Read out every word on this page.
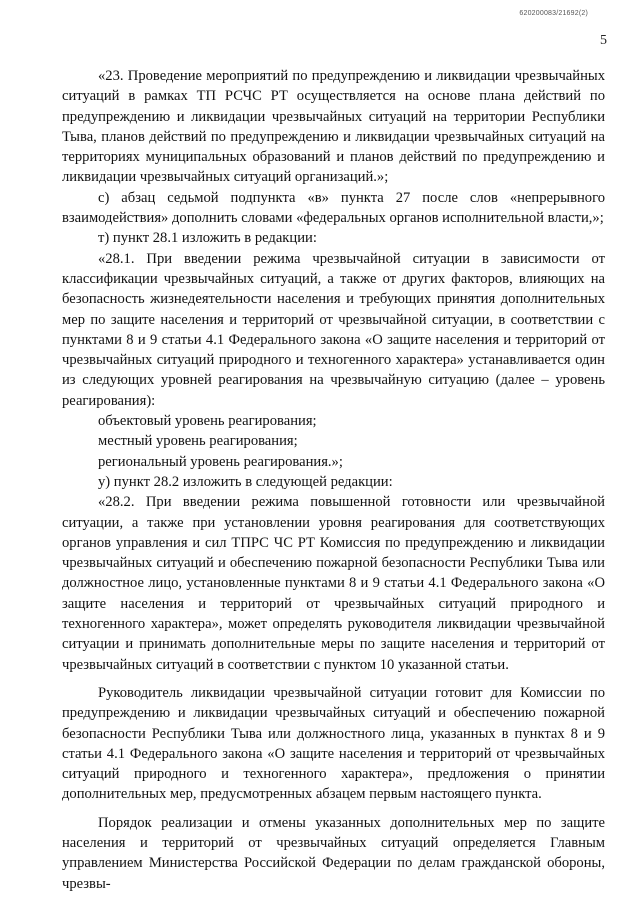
620200083/21692(2)
5

«23. Проведение мероприятий по предупреждению и ликвидации чрезвычайных ситуаций в рамках ТП РСЧС РТ осуществляется на основе плана действий по предупреждению и ликвидации чрезвычайных ситуаций на территории Республики Тыва, планов действий по предупреждению и ликвидации чрезвычайных ситуаций на территориях муниципальных образований и планов действий по предупреждению и ликвидации чрезвычайных ситуаций организаций.»;

с) абзац седьмой подпункта «в» пункта 27 после слов «непрерывного взаимодействия» дополнить словами «федеральных органов исполнительной власти,»;

т) пункт 28.1 изложить в редакции:

«28.1. При введении режима чрезвычайной ситуации в зависимости от классификации чрезвычайных ситуаций, а также от других факторов, влияющих на безопасность жизнедеятельности населения и требующих принятия дополнительных мер по защите населения и территорий от чрезвычайной ситуации, в соответствии с пунктами 8 и 9 статьи 4.1 Федерального закона «О защите населения и территорий от чрезвычайных ситуаций природного и техногенного характера» устанавливается один из следующих уровней реагирования на чрезвычайную ситуацию (далее – уровень реагирования):

объектовый уровень реагирования;

местный уровень реагирования;

региональный уровень реагирования.»;

у) пункт 28.2 изложить в следующей редакции:

«28.2. При введении режима повышенной готовности или чрезвычайной ситуации, а также при установлении уровня реагирования для соответствующих органов управления и сил ТПРС ЧС РТ Комиссия по предупреждению и ликвидации чрезвычайных ситуаций и обеспечению пожарной безопасности Республики Тыва или должностное лицо, установленные пунктами 8 и 9 статьи 4.1 Федерального закона «О защите населения и территорий от чрезвычайных ситуаций природного и техногенного характера», может определять руководителя ликвидации чрезвычайной ситуации и принимать дополнительные меры по защите населения и территорий от чрезвычайных ситуаций в соответствии с пунктом 10 указанной статьи.

Руководитель ликвидации чрезвычайной ситуации готовит для Комиссии по предупреждению и ликвидации чрезвычайных ситуаций и обеспечению пожарной безопасности Республики Тыва или должностного лица, указанных в пунктах 8 и 9 статьи 4.1 Федерального закона «О защите населения и территорий от чрезвычайных ситуаций природного и техногенного характера», предложения о принятии дополнительных мер, предусмотренных абзацем первым настоящего пункта.

Порядок реализации и отмены указанных дополнительных мер по защите населения и территорий от чрезвычайных ситуаций определяется Главным управлением Министерства Российской Федерации по делам гражданской обороны, чрезвы-
